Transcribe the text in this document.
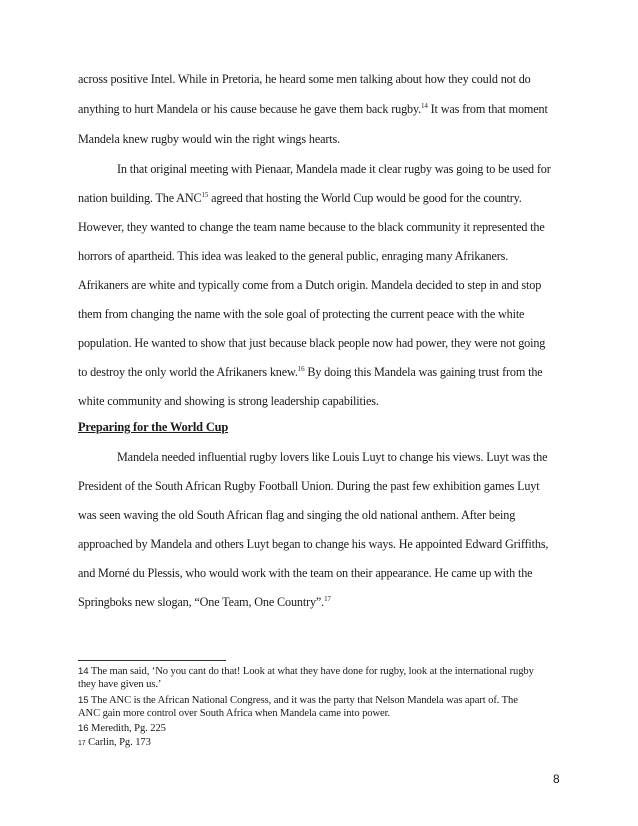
across positive Intel. While in Pretoria, he heard some men talking about how they could not do
anything to hurt Mandela or his cause because he gave them back rugby.$^{14}$ It was from that moment
Mandela knew rugby would win the right wings hearts.
In that original meeting with Pienaar, Mandela made it clear rugby was going to be used for
nation building. The ANC$^{15}$ agreed that hosting the World Cup would be good for the country.
However, they wanted to change the team name because to the black community it represented the
horrors of apartheid. This idea was leaked to the general public, enraging many Afrikaners.
Afrikaners are white and typically come from a Dutch origin. Mandela decided to step in and stop
them from changing the name with the sole goal of protecting the current peace with the white
population. He wanted to show that just because black people now had power, they were not going
to destroy the only world the Afrikaners knew.$^{16}$ By doing this Mandela was gaining trust from the
white community and showing is strong leadership capabilities.
Preparing for the World Cup
Mandela needed influential rugby lovers like Louis Luyt to change his views. Luyt was the
President of the South African Rugby Football Union. During the past few exhibition games Luyt
was seen waving the old South African flag and singing the old national anthem. After being
approached by Mandela and others Luyt began to change his ways. He appointed Edward Griffiths,
and Morné du Plessis, who would work with the team on their appearance. He came up with the
Springboks new slogan, “One Team, One Country”.$^{17}$
14 The man said, ‘No you cant do that! Look at what they have done for rugby, look at the international rugby
they have given us.’
15 The ANC is the African National Congress, and it was the party that Nelson Mandela was apart of. The
ANC gain more control over South Africa when Mandela came into power.
16 Meredith, Pg. 225
17 Carlin, Pg. 173
8
